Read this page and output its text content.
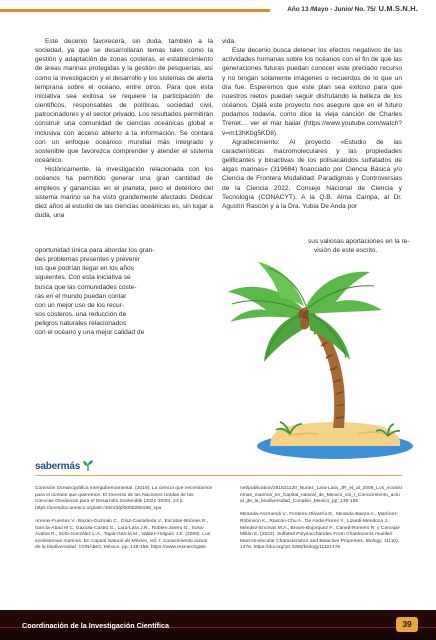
Año 13 /Mayo - Junio/ No. 75/ U.M.S.N.H.

Este decenio favorecerá, sin duda, también a la sociedad, ya que se desarrollarán temas tales como la gestión y adaptación de zonas costeras, el establecimiento de áreas marinas protegidas y la gestión de pesquerías, así como la investigación y el desarrollo y los sistemas de alerta temprana sobre el océano, entre otros. Para que esta iniciativa sea exitosa se requiere la participación de científicos, responsables de políticas, sociedad civil, patrocinadores y el sector privado. Los resultados permitirán construir una comunidad de ciencias oceánicas global e inclusiva con acceso abierto a la información. Se contará con un enfoque oceánico mundial más integrado y sostenible que favorezca comprender y atender el sistema oceánico.

Históricamente, la investigación relacionada con los océanos ha permitido generar una gran cantidad de empleos y ganancias en el planeta, pero el deterioro del sistema marino se ha visto grandemente afectado. Dedicar diez años al estudio de las ciencias oceánicas es, sin lugar a duda, una

oportunidad única para abordar los gran-
des problemas presentes y prevenir
los que podrían llegar en los años
siguientes. Con esta iniciativa se
busca que las comunidades coste-
ras en el mundo puedan contar
con un mejor uso de los recur-
sos costeros, una reducción de
peligros naturales relacionados
con el océano y una mejor calidad de

vida.

Este decenio busca detener los efectos negativos de las actividades humanas sobre los océanos con el fin de que las generaciones futuras puedan conocer este preciado recurso y no tengan solamente imágenes o recuerdos de lo que un día fue. Esperemos que este plan sea exitoso para que nuestros nietos puedan seguir disfrutando la belleza de los océanos. Ojalá este proyecto nos asegure que en el futuro podamos todavía, como dice la vieja canción de Charles Trenet… ver el mar bailar (https://www.youtube.com/watch?v=m13hKbg5KD8).

Agradecimiento: Al proyecto «Estudio de las características macromoleculares y las propiedades gelificantes y bioactivas de los polisacáridos sulfatados de algas marinas» (319684) financiado por Ciencia Básica y/o Ciencia de Frontera Modalidad: Paradigmas y Controversias de la Ciencia 2022, Consejo Nacional de Ciencia y Tecnología (CONACYT). A la Q.B. Alma Campa, al Dr. Agustín Rascón y a la Dra. Yubia De Anda por

sus valiosas aportaciones en la re-
visión de este escrito.
sabermás

Comisión Oceanográfica Intergubernamental. (2019). La ciencia que necesitamos para el océano que queremos. El Decenio de las Naciones Unidas de las Ciencias Oceánicas para el Desarrollo Sostenible (2021-2030). 23 p. https://unesdoc.unesco.org/ark:/48223/pf0000265198_spa

Arenas-Fuentes V., Bazán-Guzmán C., Díaz-Castañeda V., Escobar-Briones E., García-Abad M.C, Gaxiola-Castro G., Lara-Lara J.R., Robles-Jarero G., Sosa-Ávalos R., Soto-González L.A., Tapia-García M., Valdez-Holguín J.E. (2008). Los ecosistemas marinos. En Capital Natural de México, vol. I: Conocimiento actual de la biodiversidad. CONABIO, México, pp. 135-159. https://www.researchgate.

net/publication/281831120_Nunez_Lara-Lara_JR_et_al_2008_Los_ecosistemas_marinos_en_Capital_natural_de_Mexico_vol_I_Conocimiento_actual_de_la_biodiversidad_Conabio_Mexico_pp_135-159

Miranda-Anzmendi V., Fimbres-Olivarría D., Miranda-Baeza A., Martínez-Robinson K., Rascón-Chu A., De Anda-Flores Y., Lizardi-Mendoza J., Méndez-Encinas M.A., Brown-Bojorquez F., Canett-Romero R. y Carvajal-Millán E. (2022). Sulfated Polysaccharides From Chaetoceros muelleri: Macromolecular Characteristics and Bioactive Properties. Biology, 11(10), 1476. https://doi.org/10.3390/biology11101476

Coordinación de la Investigación Científica	39
